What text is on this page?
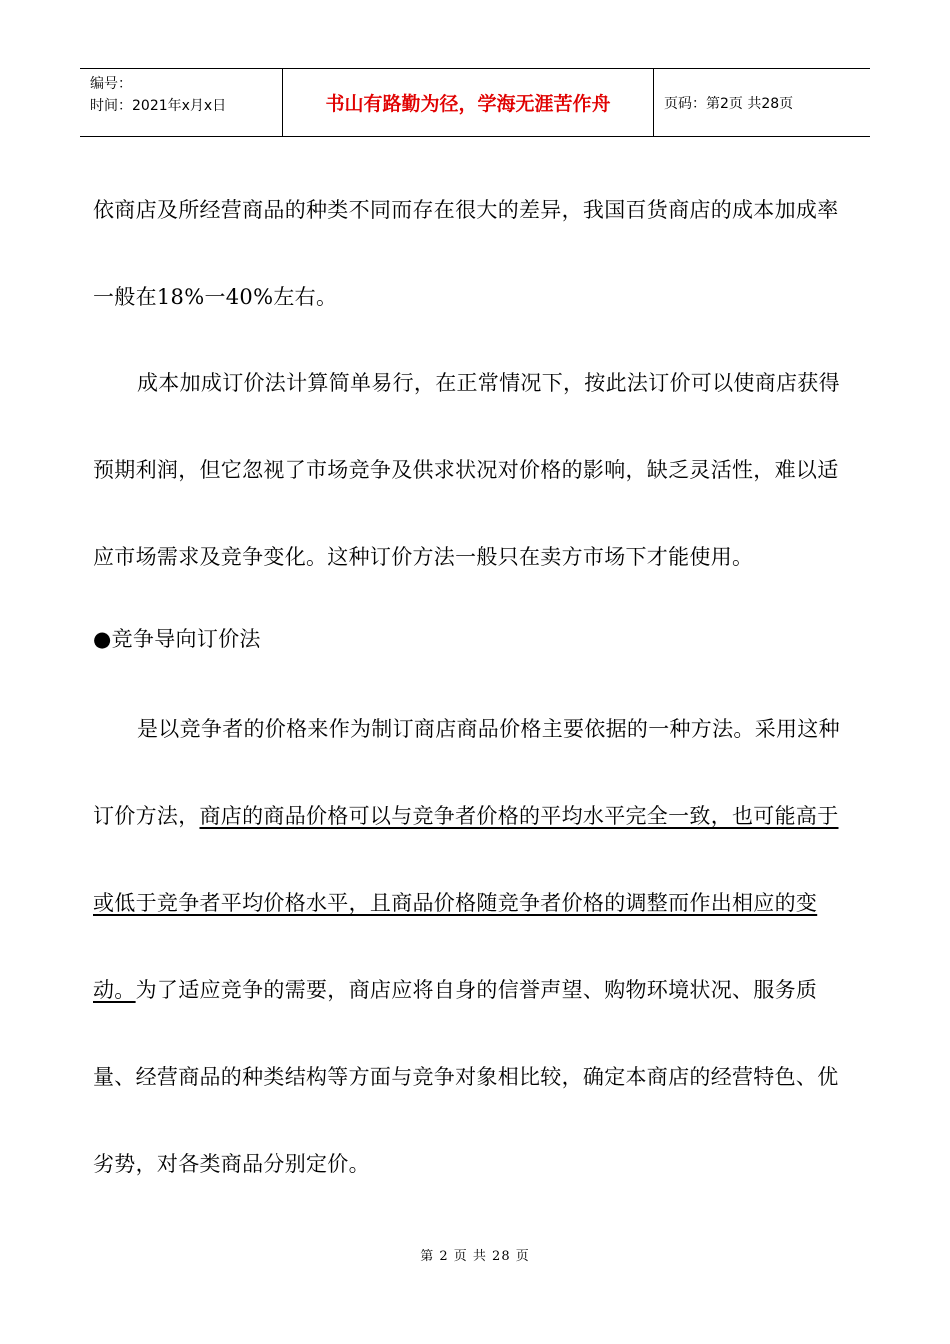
编号：
时间：2021年x月x日	书山有路勤为径，学海无涯苦作舟	页码：第2页 共28页

依商店及所经营商品的种类不同而存在很大的差异，我国百货商店的成本加成率一般在18%一40%左右。

成本加成订价法计算简单易行，在正常情况下，按此法订价可以使商店获得预期利润，但它忽视了市场竞争及供求状况对价格的影响，缺乏灵活性，难以适应市场需求及竞争变化。这种订价方法一般只在卖方市场下才能使用。

●竞争导向订价法

是以竞争者的价格来作为制订商店商品价格主要依据的一种方法。采用这种订价方法，商店的商品价格可以与竞争者价格的平均水平完全一致，也可能高于或低于竞争者平均价格水平，且商品价格随竞争者价格的调整而作出相应的变动。为了适应竞争的需要，商店应将自身的信誉声望、购物环境状况、服务质量、经营商品的种类结构等方面与竞争对象相比较，确定本商店的经营特色、优劣势，对各类商品分别定价。

第 2 页 共 28 页
